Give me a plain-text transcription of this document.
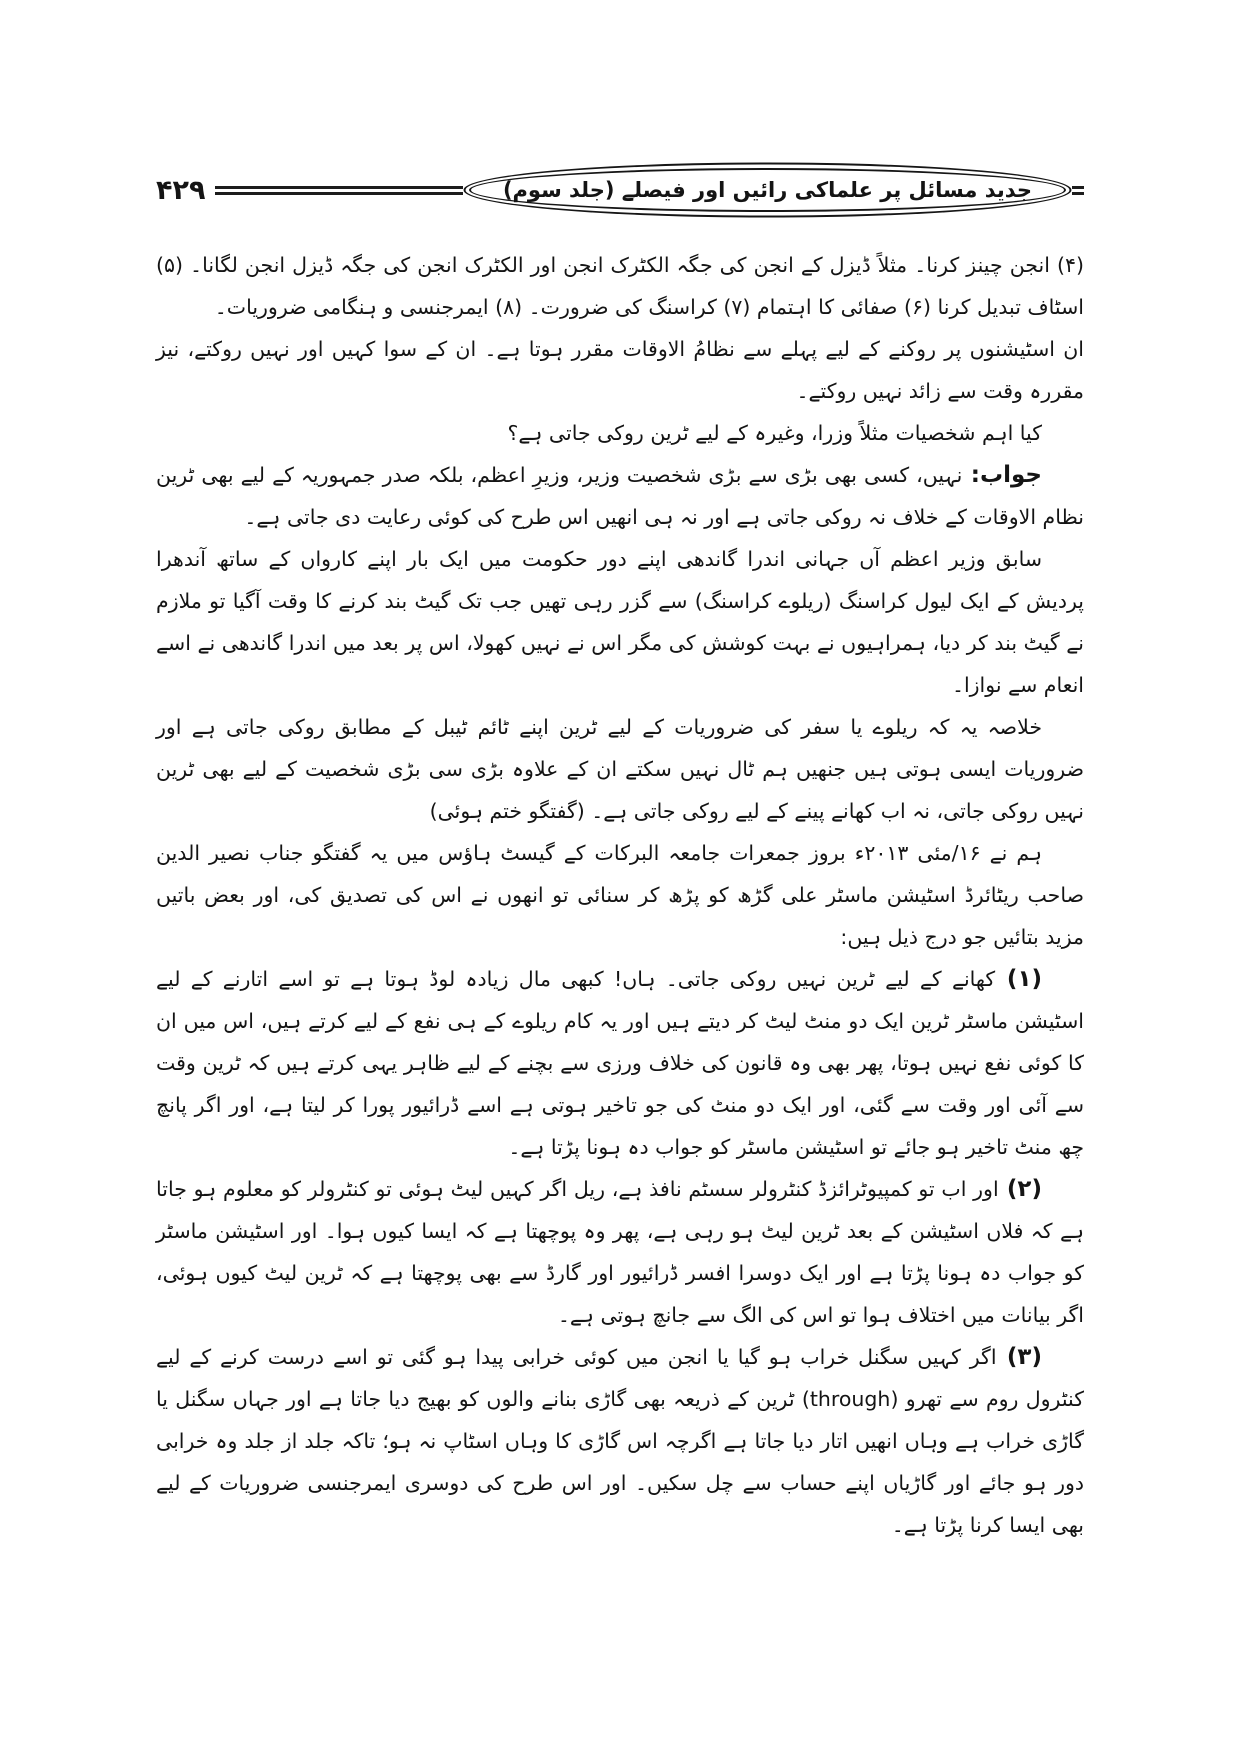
۴۲۹	جدید مسائل پر علماکی رائیں اور فیصلے (جلد سوم)

(۴) انجن چینز کرنا۔ مثلاً ڈیزل کے انجن کی جگہ الکٹرک انجن اور الکٹرک انجن کی جگہ ڈیزل انجن لگانا۔ (۵) اسٹاف تبدیل کرنا (۶) صفائی کا اہتمام (۷) کراسنگ کی ضرورت۔ (۸) ایمرجنسی و ہنگامی ضروریات۔

ان اسٹیشنوں پر روکنے کے لیے پہلے سے نظامُ الاوقات مقرر ہوتا ہے۔ ان کے سوا کہیں اور نہیں روکتے، نیز مقررہ وقت سے زائد نہیں روکتے۔

کیا اہم شخصیات مثلاً وزرا، وغیرہ کے لیے ٹرین روکی جاتی ہے؟

جواب: نہیں، کسی بھی بڑی سے بڑی شخصیت وزیر، وزیرِ اعظم، بلکہ صدر جمہوریہ کے لیے بھی ٹرین نظام الاوقات کے خلاف نہ روکی جاتی ہے اور نہ ہی انھیں اس طرح کی کوئی رعایت دی جاتی ہے۔

سابق وزیر اعظم آں جہانی اندرا گاندھی اپنے دور حکومت میں ایک بار اپنے کارواں کے ساتھ آندھرا پردیش کے ایک لیول کراسنگ (ریلوے کراسنگ) سے گزر رہی تھیں جب تک گیٹ بند کرنے کا وقت آگیا تو ملازم نے گیٹ بند کر دیا، ہمراہیوں نے بہت کوشش کی مگر اس نے نہیں کھولا، اس پر بعد میں اندرا گاندھی نے اسے انعام سے نوازا۔

خلاصہ یہ کہ ریلوے یا سفر کی ضروریات کے لیے ٹرین اپنے ٹائم ٹیبل کے مطابق روکی جاتی ہے اور ضروریات ایسی ہوتی ہیں جنھیں ہم ٹال نہیں سکتے ان کے علاوہ بڑی سی بڑی شخصیت کے لیے بھی ٹرین نہیں روکی جاتی، نہ اب کھانے پینے کے لیے روکی جاتی ہے۔ (گفتگو ختم ہوئی)

ہم نے ۱۶/مئی ۲۰۱۳ء بروز جمعرات جامعہ البرکات کے گیسٹ ہاؤس میں یہ گفتگو جناب نصیر الدین صاحب ریٹائرڈ اسٹیشن ماسٹر علی گڑھ کو پڑھ کر سنائی تو انھوں نے اس کی تصدیق کی، اور بعض باتیں مزید بتائیں جو درج ذیل ہیں:

(۱) کھانے کے لیے ٹرین نہیں روکی جاتی۔ ہاں! کبھی مال زیادہ لوڈ ہوتا ہے تو اسے اتارنے کے لیے اسٹیشن ماسٹر ٹرین ایک دو منٹ لیٹ کر دیتے ہیں اور یہ کام ریلوے کے ہی نفع کے لیے کرتے ہیں، اس میں ان کا کوئی نفع نہیں ہوتا، پھر بھی وہ قانون کی خلاف ورزی سے بچنے کے لیے ظاہر یہی کرتے ہیں کہ ٹرین وقت سے آئی اور وقت سے گئی، اور ایک دو منٹ کی جو تاخیر ہوتی ہے اسے ڈرائیور پورا کر لیتا ہے، اور اگر پانچ چھ منٹ تاخیر ہو جائے تو اسٹیشن ماسٹر کو جواب دہ ہونا پڑتا ہے۔

(۲) اور اب تو کمپیوٹرائزڈ کنٹرولر سسٹم نافذ ہے، ریل اگر کہیں لیٹ ہوئی تو کنٹرولر کو معلوم ہو جاتا ہے کہ فلاں اسٹیشن کے بعد ٹرین لیٹ ہو رہی ہے، پھر وہ پوچھتا ہے کہ ایسا کیوں ہوا۔ اور اسٹیشن ماسٹر کو جواب دہ ہونا پڑتا ہے اور ایک دوسرا افسر ڈرائیور اور گارڈ سے بھی پوچھتا ہے کہ ٹرین لیٹ کیوں ہوئی، اگر بیانات میں اختلاف ہوا تو اس کی الگ سے جانچ ہوتی ہے۔

(۳) اگر کہیں سگنل خراب ہو گیا یا انجن میں کوئی خرابی پیدا ہو گئی تو اسے درست کرنے کے لیے کنٹرول روم سے تھرو (through) ٹرین کے ذریعہ بھی گاڑی بنانے والوں کو بھیج دیا جاتا ہے اور جہاں سگنل یا گاڑی خراب ہے وہاں انھیں اتار دیا جاتا ہے اگرچہ اس گاڑی کا وہاں اسٹاپ نہ ہو؛ تاکہ جلد از جلد وہ خرابی دور ہو جائے اور گاڑیاں اپنے حساب سے چل سکیں۔ اور اس طرح کی دوسری ایمرجنسی ضروریات کے لیے بھی ایسا کرنا پڑتا ہے۔
